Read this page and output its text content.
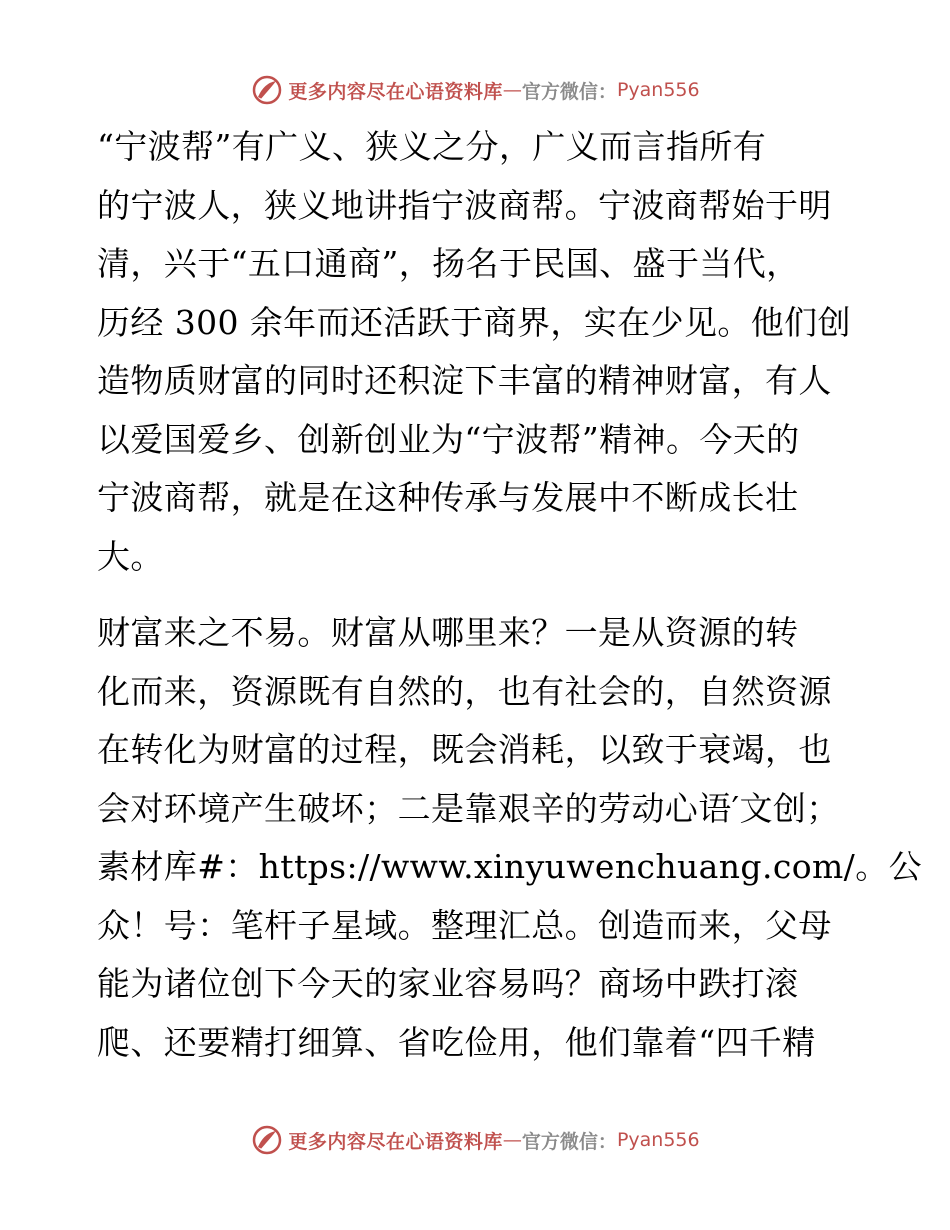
更多内容尽在心语资料库 — 官方微信： Pyan556
“宁波帮”有广义、狭义之分，广义而言指所有
的宁波人，狭义地讲指宁波商帮。宁波商帮始于明
清，兴于“五口通商”，扬名于民国、盛于当代，
历经 300 余年而还活跃于商界，实在少见。他们创
造物质财富的同时还积淀下丰富的精神财富，有人
以爱国爱乡、创新创业为“宁波帮”精神。今天的
宁波商帮，就是在这种传承与发展中不断成长壮
大。
财富来之不易。财富从哪里来？一是从资源的转
化而来，资源既有自然的，也有社会的，自然资源
在转化为财富的过程，既会消耗，以致于衰竭，也
会对环境产生破坏；二是靠艰辛的劳动心语′文创；
素材库#：https://www.xinyuwenchuang.com/。公
众！号：笔杆子星域。整理汇总。创造而来，父母
能为诸位创下今天的家业容易吗？商场中跌打滚
爬、还要精打细算、省吃俭用，他们靠着“四千精
更多内容尽在心语资料库 — 官方微信： Pyan556
